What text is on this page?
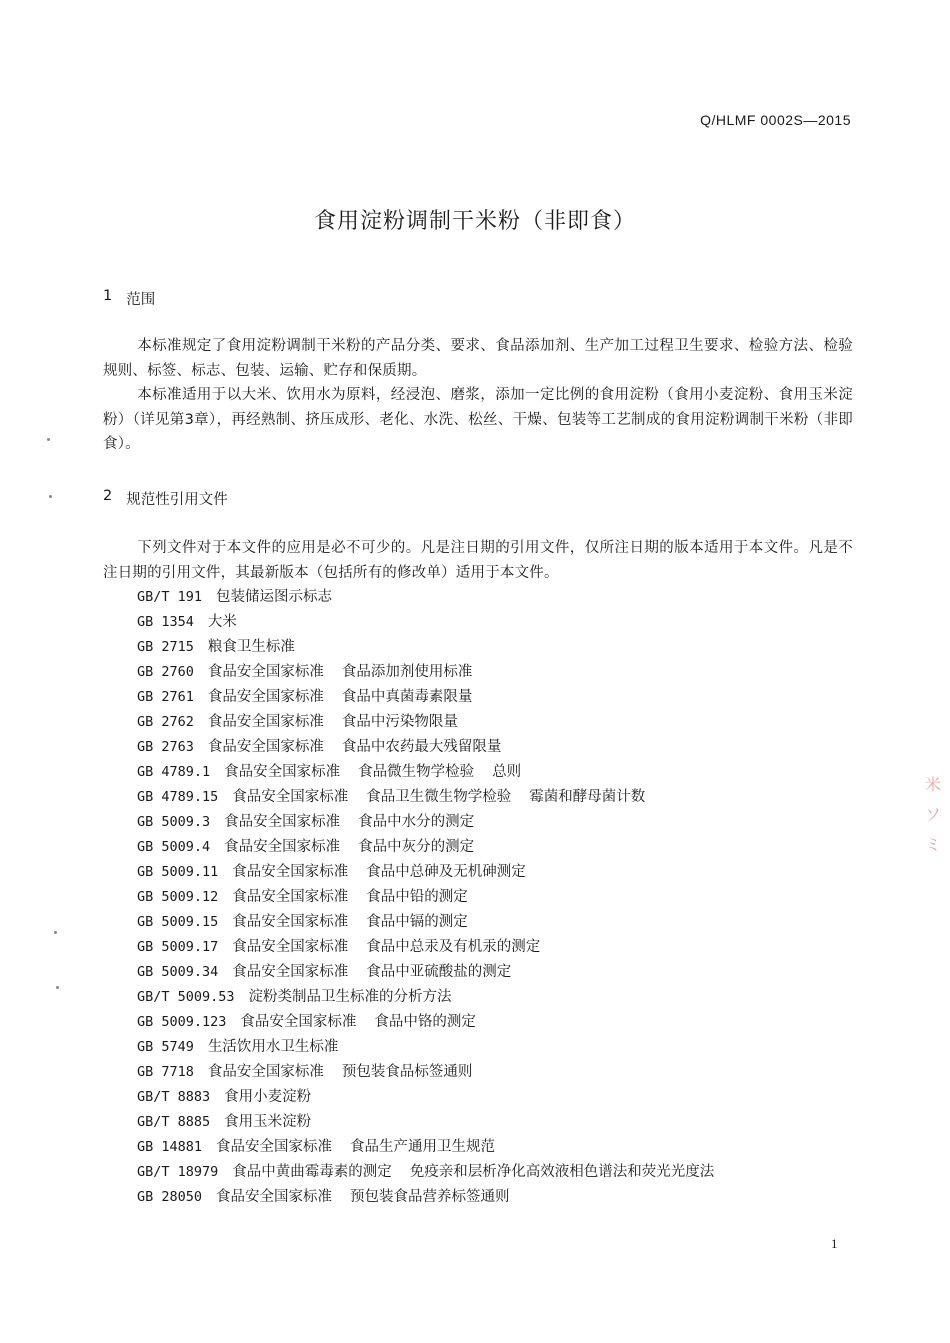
Q/HLMF 0002S—2015
食用淀粉调制干米粉（非即食）
1 范围
本标准规定了食用淀粉调制干米粉的产品分类、要求、食品添加剂、生产加工过程卫生要求、检验方法、检验规则、标签、标志、包装、运输、贮存和保质期。
本标准适用于以大米、饮用水为原料，经浸泡、磨浆，添加一定比例的食用淀粉（食用小麦淀粉、食用玉米淀粉）（详见第3章），再经熟制、挤压成形、老化、水洗、松丝、干燥、包装等工艺制成的食用淀粉调制干米粉（非即食）。
2 规范性引用文件
下列文件对于本文件的应用是必不可少的。凡是注日期的引用文件，仅所注日期的版本适用于本文件。凡是不注日期的引用文件，其最新版本（包括所有的修改单）适用于本文件。
GB/T 191 包装储运图示标志
GB 1354 大米
GB 2715 粮食卫生标准
GB 2760 食品安全国家标准 食品添加剂使用标准
GB 2761 食品安全国家标准 食品中真菌毒素限量
GB 2762 食品安全国家标准 食品中污染物限量
GB 2763 食品安全国家标准 食品中农药最大残留限量
GB 4789.1 食品安全国家标准 食品微生物学检验 总则
GB 4789.15 食品安全国家标准 食品卫生微生物学检验 霉菌和酵母菌计数
GB 5009.3 食品安全国家标准 食品中水分的测定
GB 5009.4 食品安全国家标准 食品中灰分的测定
GB 5009.11 食品安全国家标准 食品中总砷及无机砷测定
GB 5009.12 食品安全国家标准 食品中铅的测定
GB 5009.15 食品安全国家标准 食品中镉的测定
GB 5009.17 食品安全国家标准 食品中总汞及有机汞的测定
GB 5009.34 食品安全国家标准 食品中亚硫酸盐的测定
GB/T 5009.53 淀粉类制品卫生标准的分析方法
GB 5009.123 食品安全国家标准 食品中铬的测定
GB 5749 生活饮用水卫生标准
GB 7718 食品安全国家标准 预包装食品标签通则
GB/T 8883 食用小麦淀粉
GB/T 8885 食用玉米淀粉
GB 14881 食品安全国家标准 食品生产通用卫生规范
GB/T 18979 食品中黄曲霉毒素的测定 免疫亲和层析净化高效液相色谱法和荧光光度法
GB 28050 食品安全国家标准 预包装食品营养标签通则
1
米
ソ
ミ
